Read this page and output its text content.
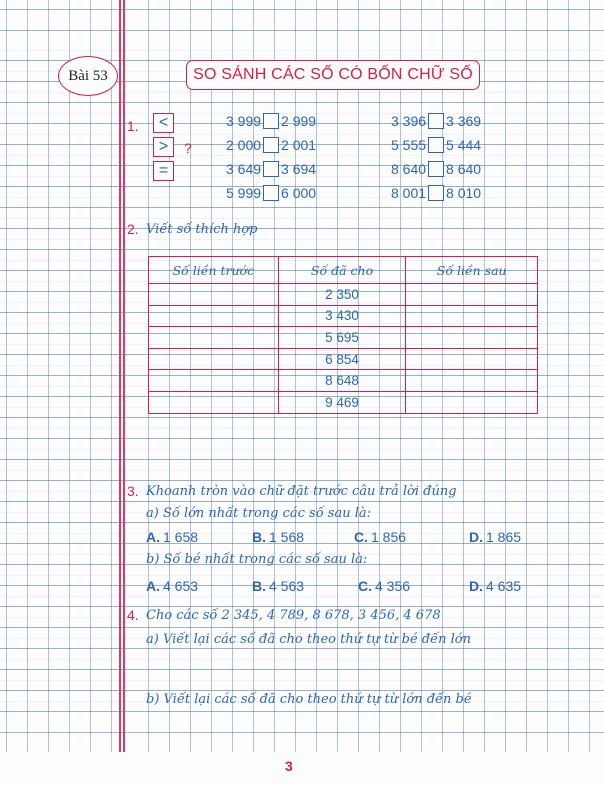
Bài 53	SO SÁNH CÁC SỐ CÓ BỐN CHỮ SỐ
1.	<
>
=
?
3 999 2 999
2 000 2 001
3 649 3 694
5 999 6 000
3 396 3 369
5 555 5 444
8 640 8 640
8 001 8 010
2. Viết số thích hợp
Số liền trước	Số đã cho	Số liền sau
	2 350	
	3 430	
	5 695	
	6 854	
	8 648	
	9 469	
3. Khoanh tròn vào chữ đặt trước câu trả lời đúng
a) Số lớn nhất trong các số sau là:
A. 1 658	B. 1 568	C. 1 856	D. 1 865
b) Số bé nhất trong các số sau là:
A. 4 653	B. 4 563	C. 4 356	D. 4 635
4. Cho các số 2 345, 4 789, 8 678, 3 456, 4 678
a) Viết lại các số đã cho theo thứ tự từ bé đến lớn
b) Viết lại các số đã cho theo thứ tự từ lớn đến bé
3
